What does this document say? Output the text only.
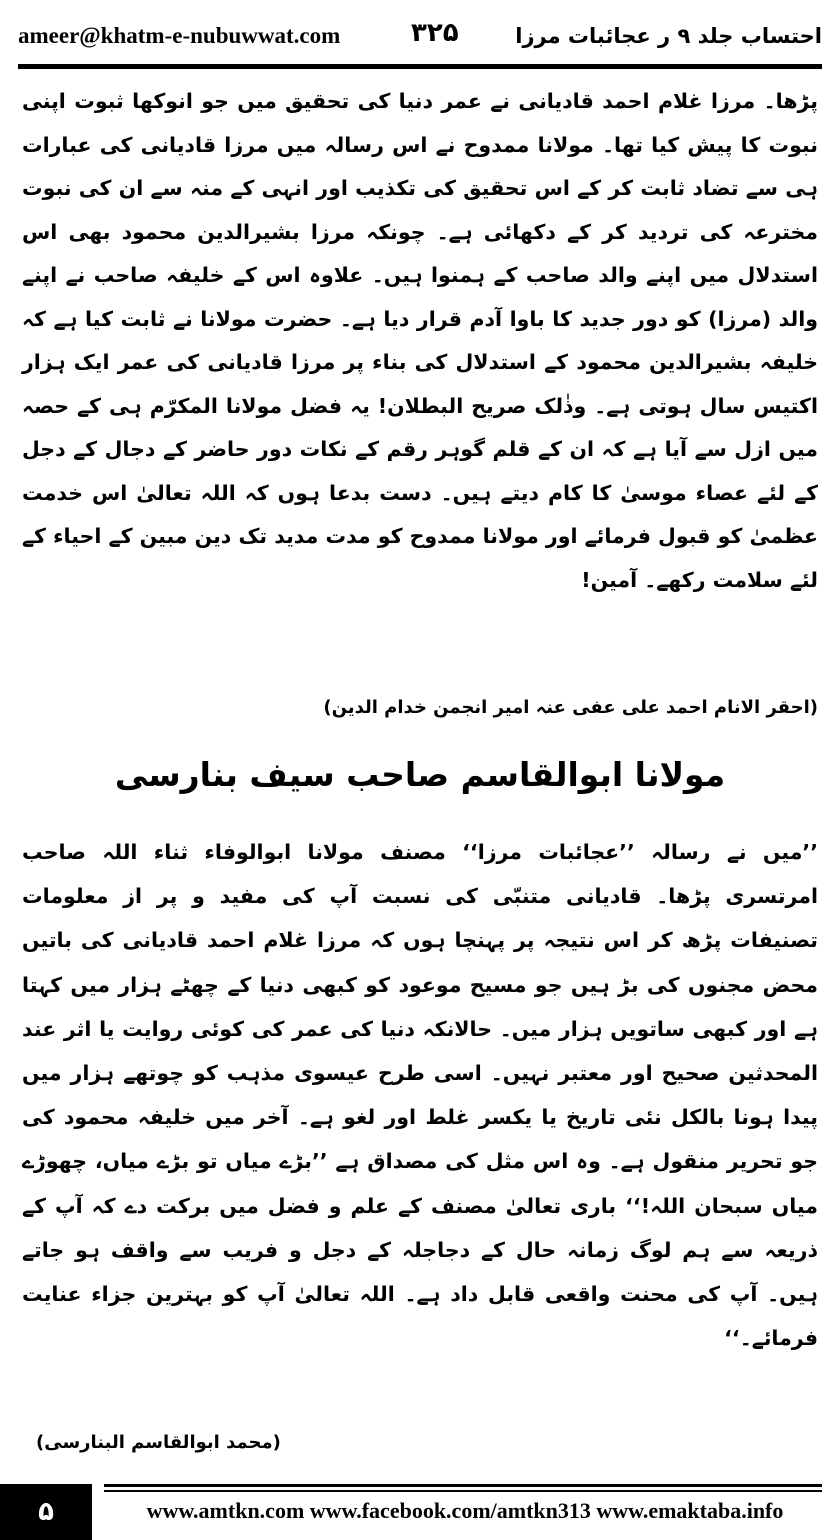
ameer@khatm-e-nubuwwat.com	۳۲۵	احتساب جلد ۹ ر عجائبات مرزا
پڑھا۔ مرزا غلام احمد قادیانی نے عمر دنیا کی تحقیق میں جو انوکھا ثبوت اپنی نبوت کا پیش کیا تھا۔ مولانا ممدوح نے اس رسالہ میں مرزا قادیانی کی عبارات ہی سے تضاد ثابت کر کے اس تحقیق کی تکذیب اور انہی کے منہ سے ان کی نبوت مخترعہ کی تردید کر کے دکھائی ہے۔ چونکہ مرزا بشیرالدین محمود بھی اس استدلال میں اپنے والد صاحب کے ہمنوا ہیں۔ علاوہ اس کے خلیفہ صاحب نے اپنے والد (مرزا) کو دور جدید کا باوا آدم قرار دیا ہے۔ حضرت مولانا نے ثابت کیا ہے کہ خلیفہ بشیرالدین محمود کے استدلال کی بناء پر مرزا قادیانی کی عمر ایک ہزار اکتیس سال ہوتی ہے۔ وذٰلک صریح البطلان! یہ فضل مولانا المکرّم ہی کے حصہ میں ازل سے آیا ہے کہ ان کے قلم گوہر رقم کے نکات دور حاضر کے دجال کے دجل کے لئے عصاء موسیٰ کا کام دیتے ہیں۔ دست بدعا ہوں کہ اللہ تعالیٰ اس خدمت عظمیٰ کو قبول فرمائے اور مولانا ممدوح کو مدت مدید تک دین مبین کے احیاء کے لئے سلامت رکھے۔ آمین!
(احقر الانام احمد علی عفی عنہ امیر انجمن خدام الدین)
مولانا ابوالقاسم صاحب سیف بنارسی
’’میں نے رسالہ ’’عجائبات مرزا‘‘ مصنف مولانا ابوالوفاء ثناء اللہ صاحب امرتسری پڑھا۔ قادیانی متنبّی کی نسبت آپ کی مفید و پر از معلومات تصنیفات پڑھ کر اس نتیجہ پر پہنچا ہوں کہ مرزا غلام احمد قادیانی کی باتیں محض مجنوں کی بڑ ہیں جو مسیح موعود کو کبھی دنیا کے چھٹے ہزار میں کہتا ہے اور کبھی ساتویں ہزار میں۔ حالانکہ دنیا کی عمر کی کوئی روایت یا اثر عند المحدثین صحیح اور معتبر نہیں۔ اسی طرح عیسوی مذہب کو چوتھے ہزار میں پیدا ہونا بالکل نئی تاریخ یا یکسر غلط اور لغو ہے۔ آخر میں خلیفہ محمود کی جو تحریر منقول ہے۔ وہ اس مثل کی مصداق ہے ’’بڑے میاں تو بڑے میاں، چھوڑے میاں سبحان اللہ!‘‘ باری تعالیٰ مصنف کے علم و فضل میں برکت دے کہ آپ کے ذریعہ سے ہم لوگ زمانہ حال کے دجاجلہ کے دجل و فریب سے واقف ہو جاتے ہیں۔ آپ کی محنت واقعی قابل داد ہے۔ اللہ تعالیٰ آپ کو بہترین جزاء عنایت فرمائے۔‘‘
(محمد ابوالقاسم البنارسی)
۵	www.amtkn.com www.facebook.com/amtkn313 www.emaktaba.info
